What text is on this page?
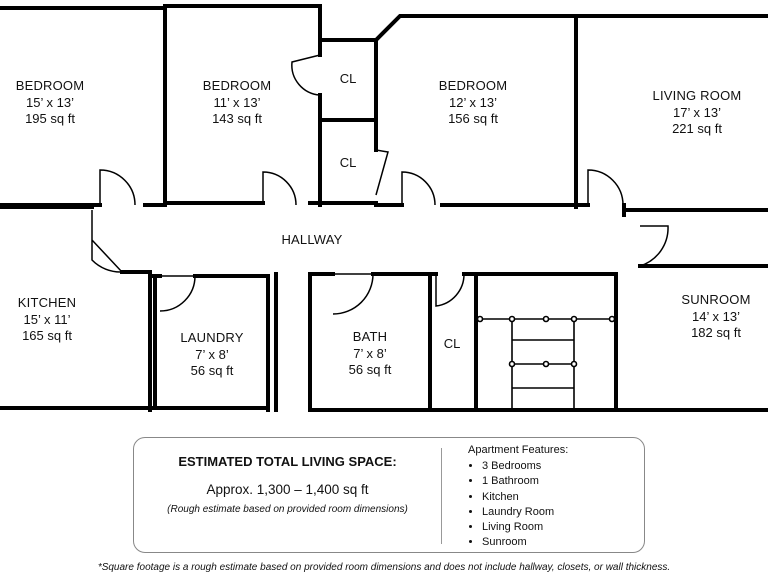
BEDROOM
15’ x 13’
195 sq ft
BEDROOM
11’ x 13’
143 sq ft
BEDROOM
12’ x 13’
156 sq ft
LIVING ROOM
17’ x 13’
221 sq ft
KITCHEN
15’ x 11’
165 sq ft	LAUNDRY
7’ x 8’
56 sq ft
BATH
7’ x 8’
56 sq ft
SUNROOM
14’ x 13’
182 sq ft
HALLWAY
CL
CL
CL
ESTIMATED TOTAL LIVING SPACE:
Approx. 1,300 – 1,400 sq ft
(Rough estimate based on provided room dimensions)
Apartment Features:
• 3 Bedrooms
• 1 Bathroom
• Kitchen
• Laundry Room
• Living Room
• Sunroom
*Square footage is a rough estimate based on provided room dimensions and does not include hallway, closets, or wall thickness.
